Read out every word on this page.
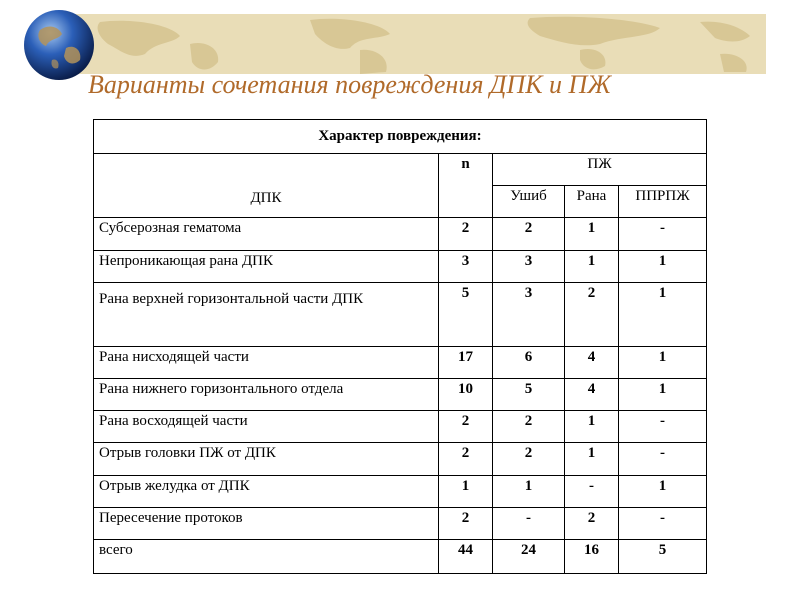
Варианты сочетания повреждения ДПК и ПЖ
Характер повреждения:				
ДПК	n	ПЖ		
		Ушиб	Рана	ППРПЖ
Субсерозная гематома	2	2	1	-
Непроникающая рана ДПК	3	3	1	1
Рана верхней горизонтальной части ДПК	5	3	2	1
Рана нисходящей части	17	6	4	1
Рана нижнего горизонтального отдела	10	5	4	1
Рана восходящей части	2	2	1	-
Отрыв головки ПЖ от ДПК	2	2	1	-
Отрыв желудка от ДПК	1	1	-	1
Пересечение протоков	2	-	2	-
всего	44	24	16	5
